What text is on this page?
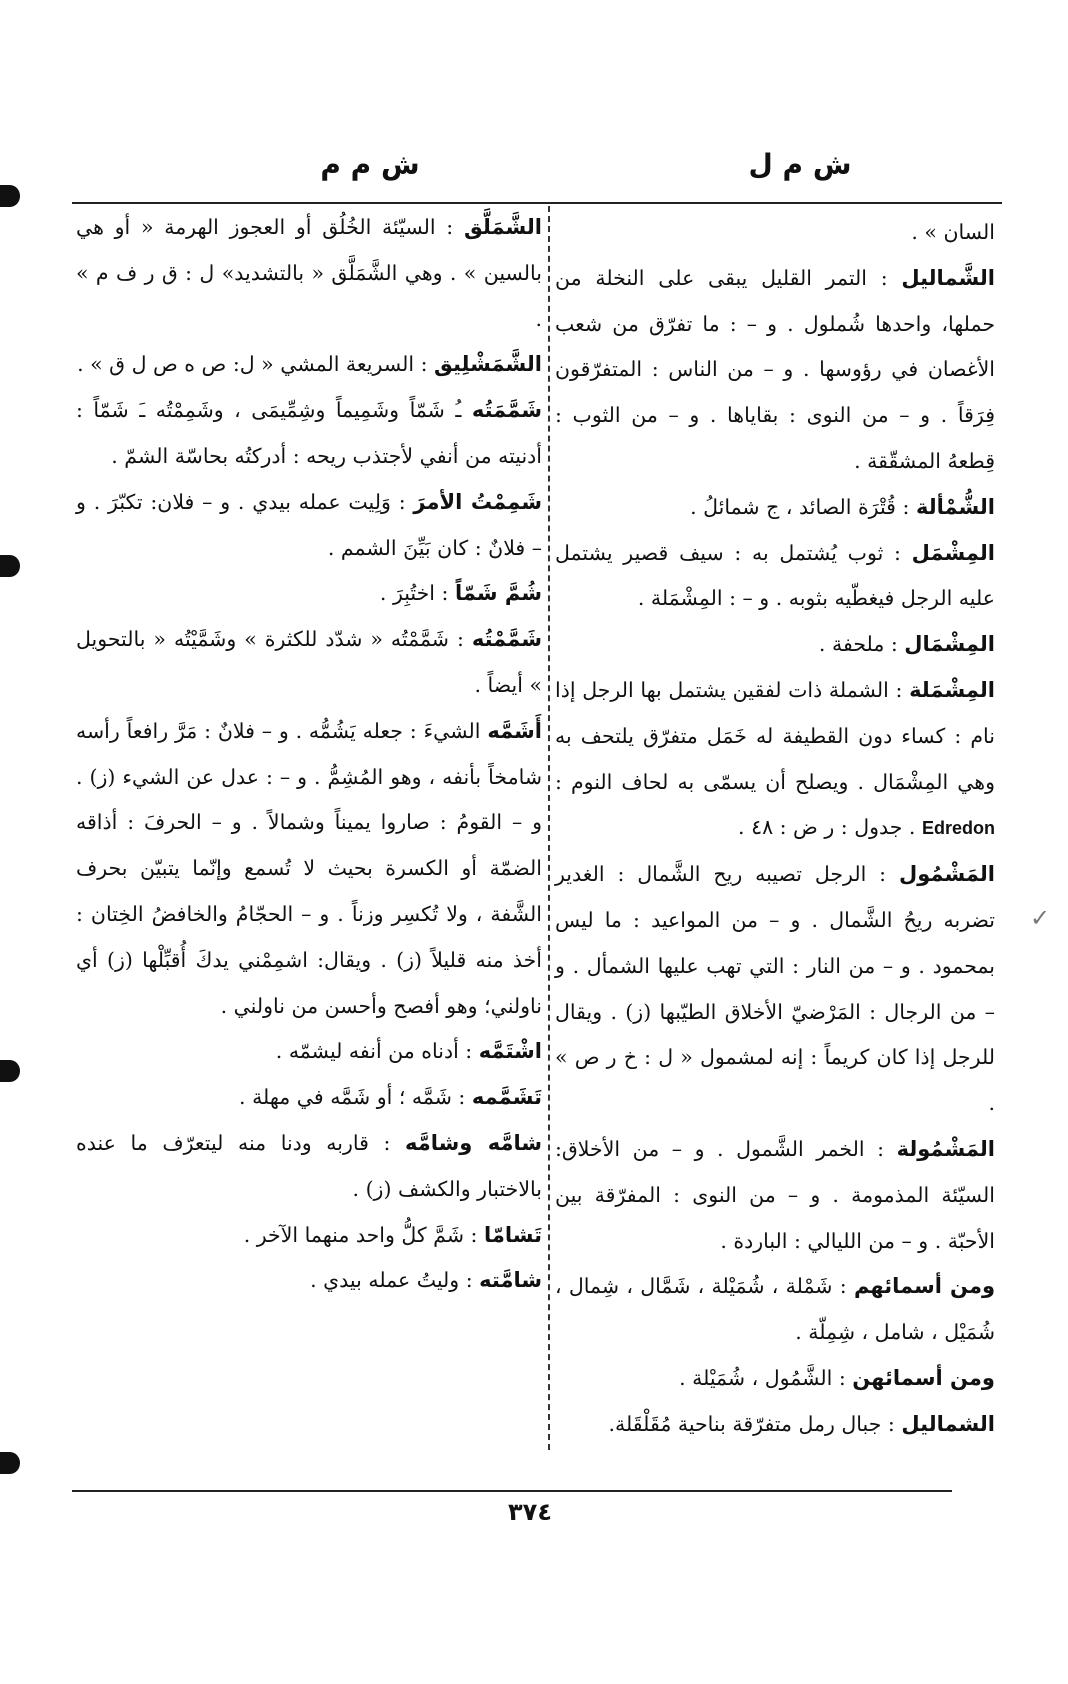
ش م ل
ش م م
✓

السان » .

الشَّماليل : التمر القليل يبقى على النخلة من حملها، واحدها شُملول . و – : ما تفرّق من شعب الأغصان في رؤوسها . و – من الناس : المتفرّقون فِرَقاً . و – من النوى : بقاياها . و – من الثوب : قِطعهُ المشقّقة .

الشُّمْألة : قُتْرَة الصائد ، ج شمائلُ .

المِشْمَل : ثوب يُشتمل به : سيف قصير يشتمل عليه الرجل فيغطّيه بثوبه . و – : المِشْمَلة .

المِشْمَال : ملحفة .

المِشْمَلة : الشملة ذات لفقين يشتمل بها الرجل إذا نام : كساء دون القطيفة له خَمَل متفرّق يلتحف به وهي المِشْمَال . ويصلح أن يسمّى به لحاف النوم : Edredon . جدول : ر ض : ٤٨ .

المَشْمُول : الرجل تصيبه ريح الشَّمال : الغدير تضربه ريحُ الشَّمال . و – من المواعيد : ما ليس بمحمود . و – من النار : التي تهب عليها الشمأل . و – من الرجال : المَرْضيّ الأخلاق الطيّبها (ز) . ويقال للرجل إذا كان كريماً : إنه لمشمول « ل : خ ر ص » .

المَشْمُولة : الخمر الشَّمول . و – من الأخلاق: السيّئة المذمومة . و – من النوى : المفرّقة بين الأحبّة . و – من الليالي : الباردة .

ومن أسمائهم : شَمْلة ، شُمَيْلة ، شَمَّال ، شِمال ، شُمَيْل ، شامل ، شِمِلّة .

ومن أسمائهن : الشَّمُول ، شُمَيْلة .

الشماليل : جبال رمل متفرّقة بناحية مُقَلْقَلة.

الشَّمَلَّق : السيّئة الخُلُق أو العجوز الهرمة « أو هي بالسين » . وهي الشَّمَلَّق « بالتشديد» ل : ق ر ف م » .

الشَّمَشْلِيق : السريعة المشي « ل: ص ه ص ل ق » .

شَمَّمَتُه ـُ شَمّاً وشَمِيماً وشِمِّيمَى ، وشَمِمْتُه ـَ شَمّاً : أدنيته من أنفي لأجتذب ريحه : أدركتُه بحاسّة الشمّ .

شَمِمْتُ الأمرَ : وَلِيت عمله بيدي . و – فلان: تكبّرَ . و – فلانٌ : كان بَيِّنَ الشمم .

شُمَّ شَمّاً : اختُبِرَ .

شَمَّمْتُه : شَمَّمْتُه « شدّد للكثرة » وشَمَّيْتُه « بالتحويل » أيضاً .

أَشَمَّه الشيءَ : جعله يَشُمُّه . و – فلانٌ : مَرَّ رافعاً رأسه شامخاً بأنفه ، وهو المُشِمُّ . و – : عدل عن الشيء (ز) . و – القومُ : صاروا يميناً وشمالاً . و – الحرفَ : أذاقه الضمّة أو الكسرة بحيث لا تُسمع وإنّما يتبيّن بحرف الشَّفة ، ولا تُكسِر وزناً . و – الحجّامُ والخافضُ الخِتان : أخذ منه قليلاً (ز) . ويقال: اشمِمْني يدكَ أُقبِّلْها (ز) أي ناولني؛ وهو أفصح وأحسن من ناولني .

اشْتَمَّه : أدناه من أنفه ليشمّه .

تَشَمَّمه : شَمَّه ؛ أو شَمَّه في مهلة .

شامَّه وشامَّه : قاربه ودنا منه ليتعرّف ما عنده بالاختبار والكشف (ز) .

تَشامّا : شَمَّ كلُّ واحد منهما الآخر .

شامَّته : وليتُ عمله بيدي .

٣٧٤
